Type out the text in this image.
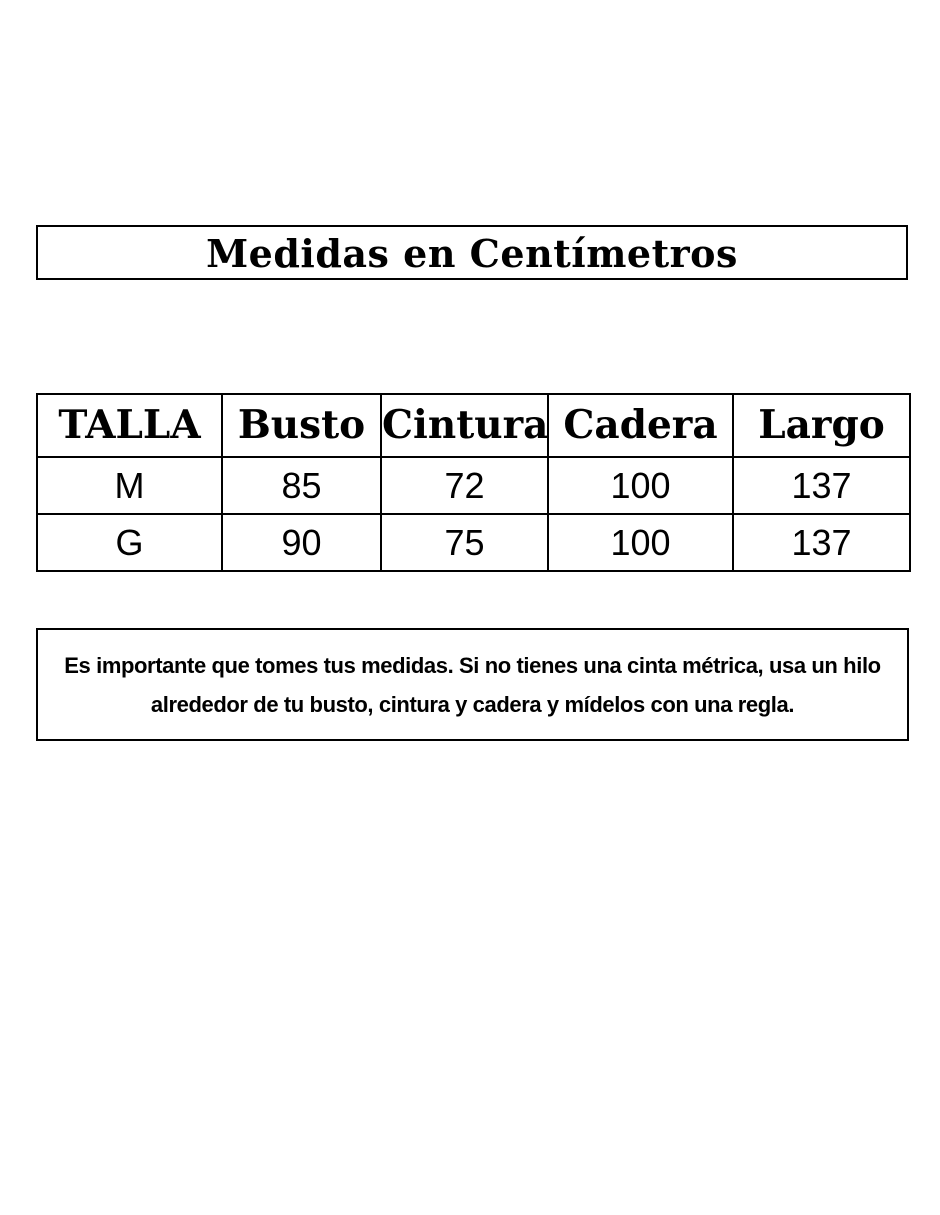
Medidas en Centímetros
TALLA	Busto	Cintura	Cadera	Largo
M	85	72	100	137
G	90	75	100	137

Es importante que tomes tus medidas. Si no tienes una cinta métrica, usa un hilo
alrededor de tu busto, cintura y cadera y mídelos con una regla.
